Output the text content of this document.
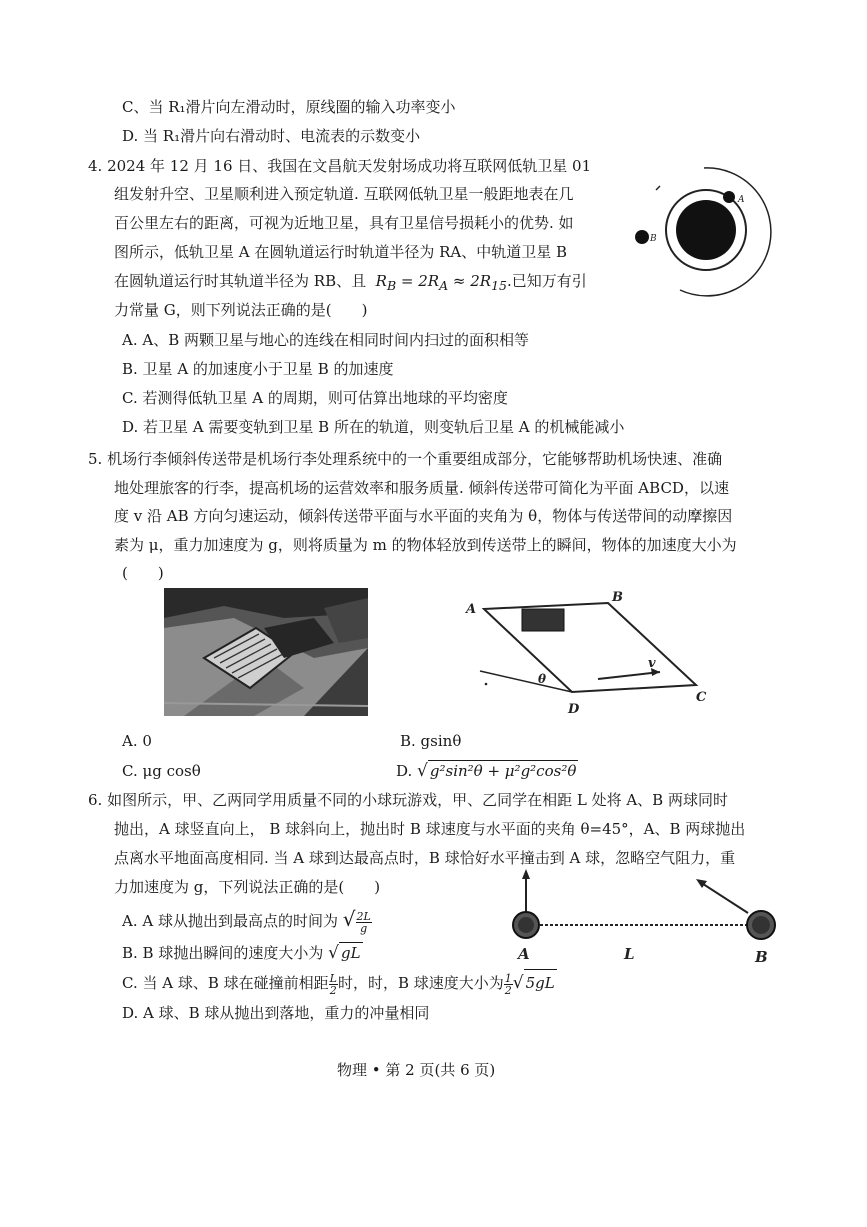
C、当 R₁滑片向左滑动时，原线圈的输入功率变小
D. 当 R₁滑片向右滑动时、电流表的示数变小
4. 2024 年 12 月 16 日、我国在文昌航天发射场成功将互联网低轨卫星 01
组发射升空、卫星顺利进入预定轨道. 互联网低轨卫星一般距地表在几
百公里左右的距离，可视为近地卫星，具有卫星信号损耗小的优势. 如
图所示，低轨卫星 A 在圆轨道运行时轨道半径为 RA、中轨道卫星 B
在圆轨道运行时其轨道半径为 RB、且 $R_B = 2R_A \approx 2R_{15}$.已知万有引
力常量 G，则下列说法正确的是(　　)
A. A、B 两颗卫星与地心的连线在相同时间内扫过的面积相等
B. 卫星 A 的加速度小于卫星 B 的加速度
C. 若测得低轨卫星 A 的周期，则可估算出地球的平均密度
D. 若卫星 A 需要变轨到卫星 B 所在的轨道，则变轨后卫星 A 的机械能减小
A
B
5. 机场行李倾斜传送带是机场行李处理系统中的一个重要组成部分，它能够帮助机场快速、准确
地处理旅客的行李，提高机场的运营效率和服务质量. 倾斜传送带可简化为平面 ABCD，以速
度 v 沿 AB 方向匀速运动，倾斜传送带平面与水平面的夹角为 θ，物体与传送带间的动摩擦因
素为 μ，重力加速度为 g，则将质量为 m 的物体轻放到传送带上的瞬间，物体的加速度大小为
(　　)
v
θ
A
B
C
D
A. 0	B. gsinθ
C. μg cosθ	D. √ g²sin²θ + μ²g²cos²θ
6. 如图所示，甲、乙两同学用质量不同的小球玩游戏，甲、乙同学在相距 L 处将 A、B 两球同时
抛出，A 球竖直向上， B 球斜向上，抛出时 B 球速度与水平面的夹角 θ=45°，A、B 两球抛出
点离水平地面高度相同. 当 A 球到达最高点时，B 球恰好水平撞击到 A 球，忽略空气阻力，重
力加速度为 g，下列说法正确的是(　　)
A. A 球从抛出到最高点的时间为 √ $\frac{2L}{g}$
B. B 球抛出瞬间的速度大小为 √ gL
C. 当 A 球、B 球在碰撞前相距 $\frac{L}{2}$ 时，时，B 球速度大小为 $\frac{1}{2}$ √ 5gL
D. A 球、B 球从抛出到落地，重力的冲量相同
A	L	B
物理 • 第 2 页(共 6 页)
